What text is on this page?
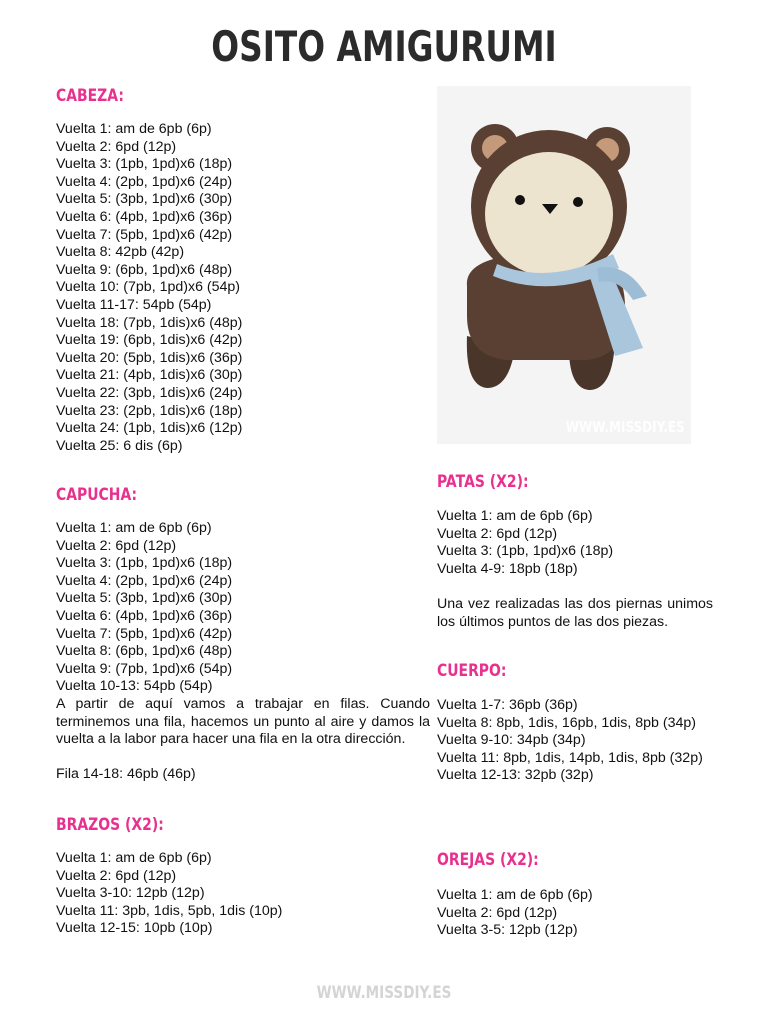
OSITO AMIGURUMI
CABEZA:
Vuelta 1: am de 6pb (6p)
Vuelta 2: 6pd (12p)
Vuelta 3: (1pb, 1pd)x6 (18p)
Vuelta 4: (2pb, 1pd)x6 (24p)
Vuelta 5: (3pb, 1pd)x6 (30p)
Vuelta 6: (4pb, 1pd)x6 (36p)
Vuelta 7: (5pb, 1pd)x6 (42p)
Vuelta 8: 42pb (42p)
Vuelta 9: (6pb, 1pd)x6 (48p)
Vuelta 10: (7pb, 1pd)x6 (54p)
Vuelta 11-17: 54pb (54p)
Vuelta 18: (7pb, 1dis)x6 (48p)
Vuelta 19: (6pb, 1dis)x6 (42p)
Vuelta 20: (5pb, 1dis)x6 (36p)
Vuelta 21: (4pb, 1dis)x6 (30p)
Vuelta 22: (3pb, 1dis)x6 (24p)
Vuelta 23: (2pb, 1dis)x6 (18p)
Vuelta 24: (1pb, 1dis)x6 (12p)
Vuelta 25: 6 dis (6p)
WWW.MISSDIY.ES
PATAS (X2):
Vuelta 1: am de 6pb (6p)
Vuelta 2: 6pd (12p)
Vuelta 3: (1pb, 1pd)x6 (18p)
Vuelta 4-9: 18pb (18p)

Una vez realizadas las dos piernas unimos los últimos puntos de las dos piezas.

CUERPO:
Vuelta 1-7: 36pb (36p)
Vuelta 8: 8pb, 1dis, 16pb, 1dis, 8pb (34p)
Vuelta 9-10: 34pb (34p)
Vuelta 11: 8pb, 1dis, 14pb, 1dis, 8pb (32p)
Vuelta 12-13: 32pb (32p)
OREJAS (X2):
Vuelta 1: am de 6pb (6p)
Vuelta 2: 6pd (12p)
Vuelta 3-5: 12pb (12p)
CAPUCHA:
Vuelta 1: am de 6pb (6p)
Vuelta 2: 6pd (12p)
Vuelta 3: (1pb, 1pd)x6 (18p)
Vuelta 4: (2pb, 1pd)x6 (24p)
Vuelta 5: (3pb, 1pd)x6 (30p)
Vuelta 6: (4pb, 1pd)x6 (36p)
Vuelta 7: (5pb, 1pd)x6 (42p)
Vuelta 8: (6pb, 1pd)x6 (48p)
Vuelta 9: (7pb, 1pd)x6 (54p)
Vuelta 10-13: 54pb (54p)

A partir de aquí vamos a trabajar en filas. Cuando terminemos una fila, hacemos un punto al aire y damos la vuelta a la labor para hacer una fila en la otra dirección.

Fila 14-18: 46pb (46p)
BRAZOS (X2):
Vuelta 1: am de 6pb (6p)
Vuelta 2: 6pd (12p)
Vuelta 3-10: 12pb (12p)
Vuelta 11: 3pb, 1dis, 5pb, 1dis (10p)
Vuelta 12-15: 10pb (10p)
WWW.MISSDIY.ES
